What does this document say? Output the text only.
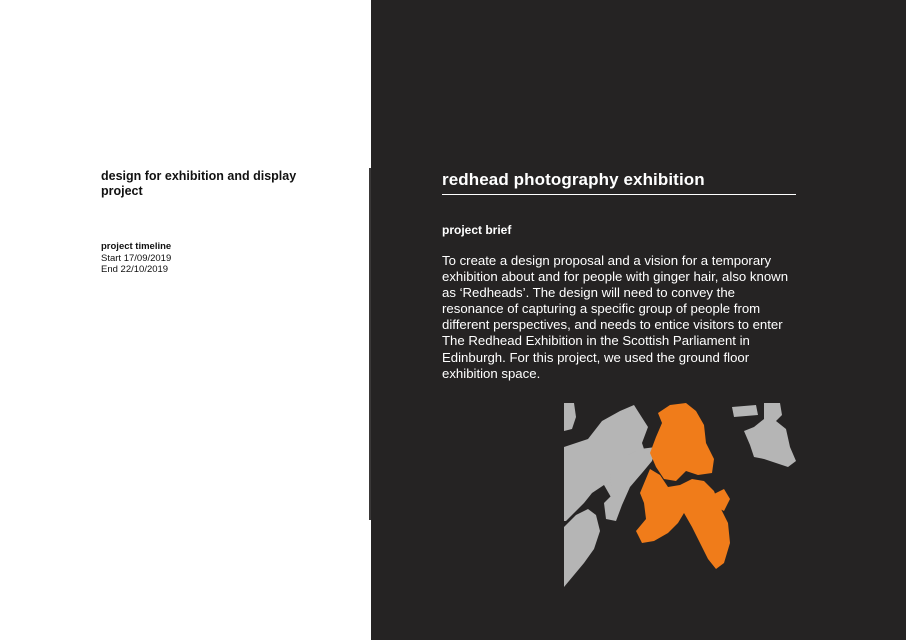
design for exhibition and display project
project timeline
Start 17/09/2019
End 22/10/2019
redhead photography exhibition
project brief
To create a design proposal and a vision for a temporary exhibition about and for people with ginger hair, also known as ‘Redheads’. The design will need to convey the resonance of capturing a specific group of people from different perspectives, and needs to entice visitors to enter The Redhead Exhibition in the Scottish Parliament in Edinburgh. For this project, we used the ground floor exhibition space.
